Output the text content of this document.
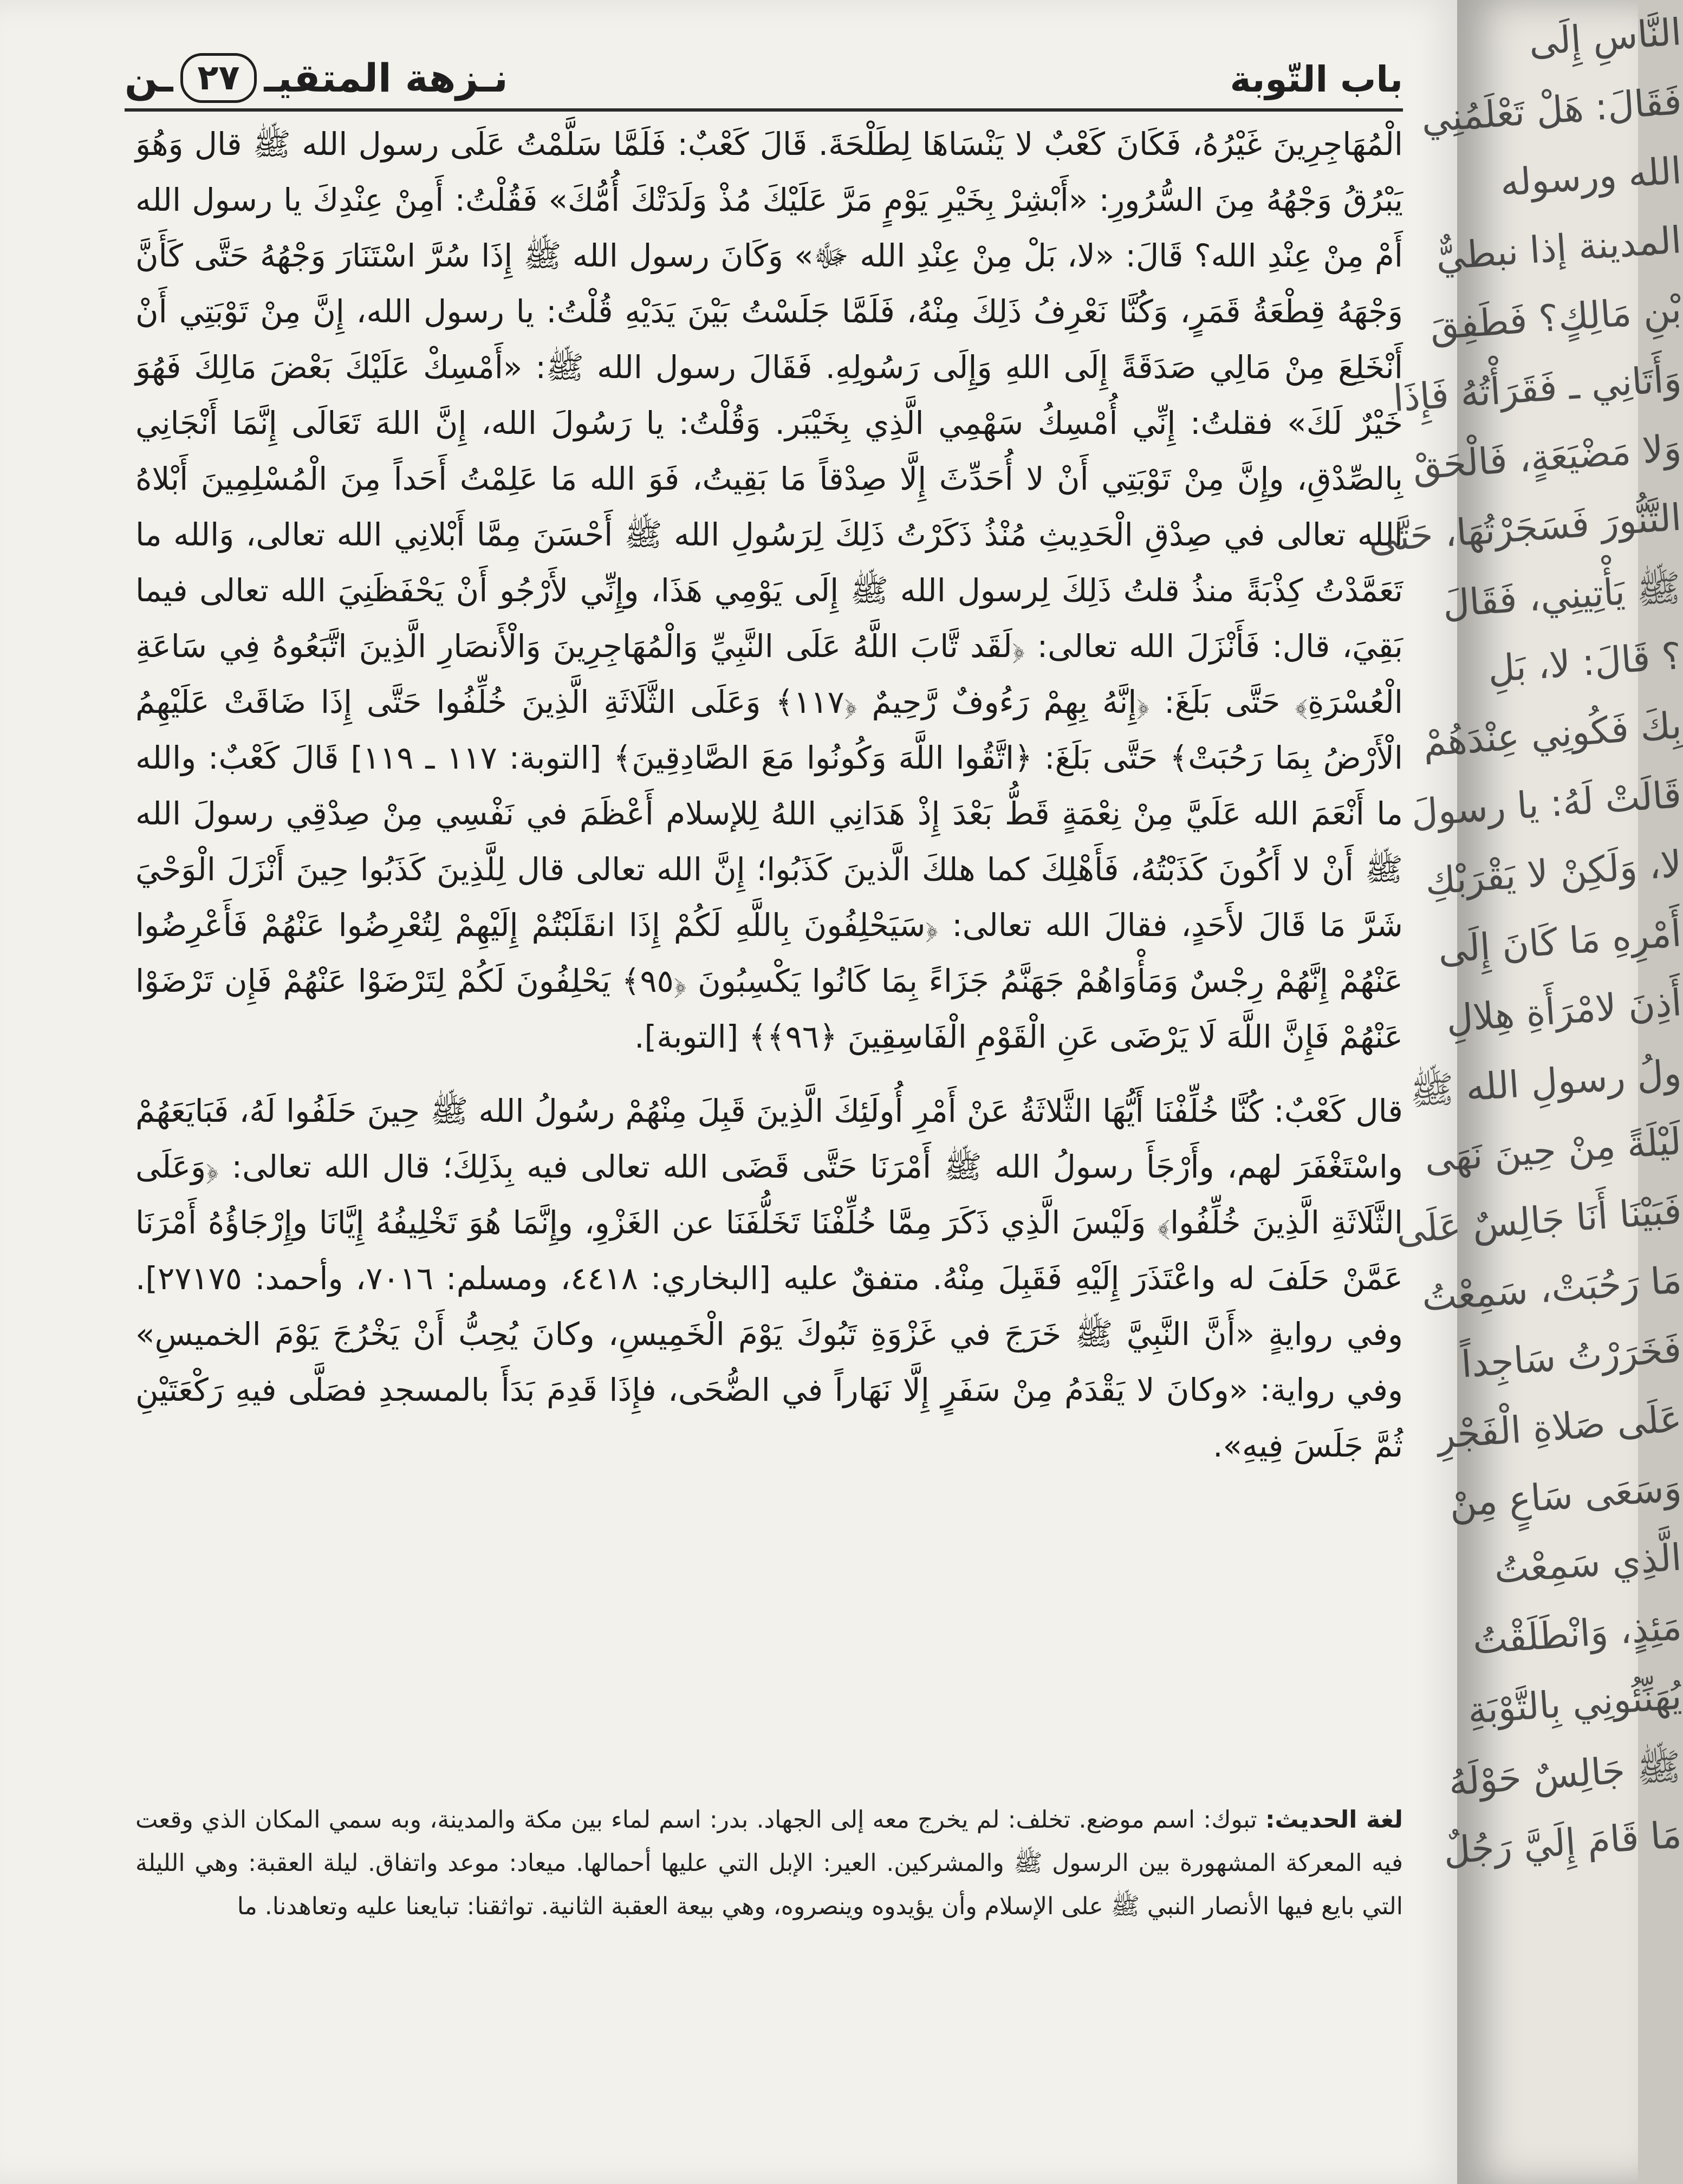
باب التّوبة
نـزهة المتقيـ
٢٧
ـن

الْمُهَاجِرِينَ غَيْرُهُ، فَكَانَ كَعْبٌ لا يَنْسَاهَا لِطَلْحَةَ. قَالَ كَعْبٌ: فَلَمَّا سَلَّمْتُ عَلَى رسول الله ﷺ قال وَهُوَ يَبْرُقُ وَجْهُهُ مِنَ السُّرُورِ: «أَبْشِرْ بِخَيْرِ يَوْمٍ مَرَّ عَلَيْكَ مُذْ وَلَدَتْكَ أُمُّكَ» فَقُلْتُ: أَمِنْ عِنْدِكَ يا رسول الله أَمْ مِنْ عِنْدِ الله؟ قَالَ: «لا، بَلْ مِنْ عِنْدِ الله ﷻ» وَكَانَ رسول الله ﷺ إِذَا سُرَّ اسْتَنَارَ وَجْهُهُ حَتَّى كَأَنَّ وَجْهَهُ قِطْعَةُ قَمَرٍ، وَكُنَّا نَعْرِفُ ذَلِكَ مِنْهُ، فَلَمَّا جَلَسْتُ بَيْنَ يَدَيْهِ قُلْتُ: يا رسول الله، إِنَّ مِنْ تَوْبَتِي أَنْ أَنْخَلِعَ مِنْ مَالِي صَدَقَةً إِلَى اللهِ وَإِلَى رَسُولِهِ. فَقَالَ رسول الله ﷺ: «أَمْسِكْ عَلَيْكَ بَعْضَ مَالِكَ فَهُوَ خَيْرٌ لَكَ» فقلتُ: إِنِّي أُمْسِكُ سَهْمِي الَّذِي بِخَيْبَر. وَقُلْتُ: يا رَسُولَ الله، إِنَّ اللهَ تَعَالَى إِنَّمَا أَنْجَانِي بِالصِّدْقِ، وإِنَّ مِنْ تَوْبَتِي أَنْ لا أُحَدِّثَ إِلَّا صِدْقاً مَا بَقِيتُ، فَوَ الله مَا عَلِمْتُ أَحَداً مِنَ الْمُسْلِمِينَ أَبْلاهُ الله تعالى في صِدْقِ الْحَدِيثِ مُنْذُ ذَكَرْتُ ذَلِكَ لِرَسُولِ الله ﷺ أَحْسَنَ مِمَّا أَبْلانِي الله تعالى، وَالله ما تَعَمَّدْتُ كِذْبَةً منذُ قلتُ ذَلِكَ لِرسول الله ﷺ إِلَى يَوْمِي هَذَا، وإِنِّي لأَرْجُو أَنْ يَحْفَظَنِيَ الله تعالى فيما بَقِيَ، قال: فَأَنْزَلَ الله تعالى: ﴿لَقَد تَّابَ اللَّهُ عَلَى النَّبِيِّ وَالْمُهَاجِرِينَ وَالْأَنصَارِ الَّذِينَ اتَّبَعُوهُ فِي سَاعَةِ الْعُسْرَةِ﴾ حَتَّى بَلَغَ: ﴿إِنَّهُ بِهِمْ رَءُوفٌ رَّحِيمٌ ﴿١١٧﴾ وَعَلَى الثَّلَاثَةِ الَّذِينَ خُلِّفُوا حَتَّى إِذَا ضَاقَتْ عَلَيْهِمُ الْأَرْضُ بِمَا رَحُبَتْ﴾ حَتَّى بَلَغَ: ﴿اتَّقُوا اللَّهَ وَكُونُوا مَعَ الصَّادِقِينَ﴾ [التوبة: ١١٧ ـ ١١٩] قَالَ كَعْبٌ: والله ما أَنْعَمَ الله عَلَيَّ مِنْ نِعْمَةٍ قَطُّ بَعْدَ إِذْ هَدَانِي اللهُ لِلإسلام أَعْظَمَ في نَفْسِي مِنْ صِدْقِي رسولَ الله ﷺ أَنْ لا أَكُونَ كَذَبْتُهُ، فَأَهْلِكَ كما هلكَ الَّذينَ كَذَبُوا؛ إِنَّ الله تعالى قال لِلَّذِينَ كَذَبُوا حِينَ أَنْزَلَ الْوَحْيَ شَرَّ مَا قَالَ لأَحَدٍ، فقالَ الله تعالى: ﴿سَيَحْلِفُونَ بِاللَّهِ لَكُمْ إِذَا انقَلَبْتُمْ إِلَيْهِمْ لِتُعْرِضُوا عَنْهُمْ فَأَعْرِضُوا عَنْهُمْ إِنَّهُمْ رِجْسٌ وَمَأْوَاهُمْ جَهَنَّمُ جَزَاءً بِمَا كَانُوا يَكْسِبُونَ ﴿٩٥﴾ يَحْلِفُونَ لَكُمْ لِتَرْضَوْا عَنْهُمْ فَإِن تَرْضَوْا عَنْهُمْ فَإِنَّ اللَّهَ لَا يَرْضَى عَنِ الْقَوْمِ الْفَاسِقِينَ ﴿٩٦﴾﴾ [التوبة].

قال كَعْبٌ: كُنَّا خُلِّفْنَا أَيُّهَا الثَّلاثَةُ عَنْ أَمْرِ أُولَئِكَ الَّذِينَ قَبِلَ مِنْهُمْ رسُولُ الله ﷺ حِينَ حَلَفُوا لَهُ، فَبَايَعَهُمْ واسْتَغْفَرَ لهم، وأَرْجَأَ رسولُ الله ﷺ أَمْرَنَا حَتَّى قَضَى الله تعالى فيه بِذَلِكَ؛ قال الله تعالى: ﴿وَعَلَى الثَّلَاثَةِ الَّذِينَ خُلِّفُوا﴾ وَلَيْسَ الَّذِي ذَكَرَ مِمَّا خُلِّفْنَا تَخَلُّفَنَا عن الغَزْوِ، وإِنَّمَا هُوَ تَخْلِيفُهُ إِيَّانَا وإِرْجَاؤُهُ أَمْرَنَا عَمَّنْ حَلَفَ له واعْتَذَرَ إِلَيْهِ فَقَبِلَ مِنْهُ. متفقٌ عليه [البخاري: ٤٤١٨، ومسلم: ٧٠١٦، وأحمد: ٢٧١٧٥]. وفي روايةٍ «أَنَّ النَّبِيَّ ﷺ خَرَجَ في غَزْوَةِ تَبُوكَ يَوْمَ الْخَمِيسِ، وكانَ يُحِبُّ أَنْ يَخْرُجَ يَوْمَ الخميسِ» وفي رواية: «وكانَ لا يَقْدَمُ مِنْ سَفَرٍ إِلَّا نَهَاراً في الضُّحَى، فإِذَا قَدِمَ بَدَأَ بالمسجدِ فصَلَّى فيهِ رَكْعَتَيْنِ ثُمَّ جَلَسَ فِيهِ».

لغة الحديث: تبوك: اسم موضع. تخلف: لم يخرج معه إلى الجهاد. بدر: اسم لماء بين مكة والمدينة، وبه سمي المكان الذي وقعت فيه المعركة المشهورة بين الرسول ﷺ والمشركين. العير: الإبل التي عليها أحمالها. ميعاد: موعد واتفاق. ليلة العقبة: وهي الليلة التي بايع فيها الأنصار النبي ﷺ على الإسلام وأن يؤيدوه وينصروه، وهي بيعة العقبة الثانية. تواثقنا: تبايعنا عليه وتعاهدنا. ما
النَّاسِ إِلَى
فَقَالَ: هَلْ تَعْلَمُنِي
الله ورسوله
المدينة إذا نبطيٌّ
بْنِ مَالِكٍ؟ فَطَفِقَ
وَأَتَانِي ـ فَقَرَأْتُهُ فَإِذَا
وَلا مَضْيَعَةٍ، فَالْحَقْ
التَّنُّورَ فَسَجَرْتُهَا، حَتَّى
ﷺ يَأْتِينِي، فَقَالَ
؟ قَالَ: لا، بَلِ
بِكَ فَكُونِي عِنْدَهُمْ
قَالَتْ لَهُ: يا رسولَ
لا، وَلَكِنْ لا يَقْرَبْكِ
أَمْرِهِ مَا كَانَ إِلَى
أَذِنَ لامْرَأَةِ هِلالِ
ولُ رسولِ الله ﷺ
لَيْلَةً مِنْ حِينَ نَهَى
فَبَيْنَا أَنَا جَالِسٌ عَلَى
مَا رَحُبَتْ، سَمِعْتُ
فَخَرَرْتُ سَاجِداً
عَلَى صَلاةِ الْفَجْرِ
وَسَعَى سَاعٍ مِنْ
الَّذِي سَمِعْتُ
مَئِذٍ، وَانْطَلَقْتُ
يُهَنِّئُونِي بِالتَّوْبَةِ
ﷺ جَالِسٌ حَوْلَهُ
مَا قَامَ إِلَيَّ رَجُلٌ
